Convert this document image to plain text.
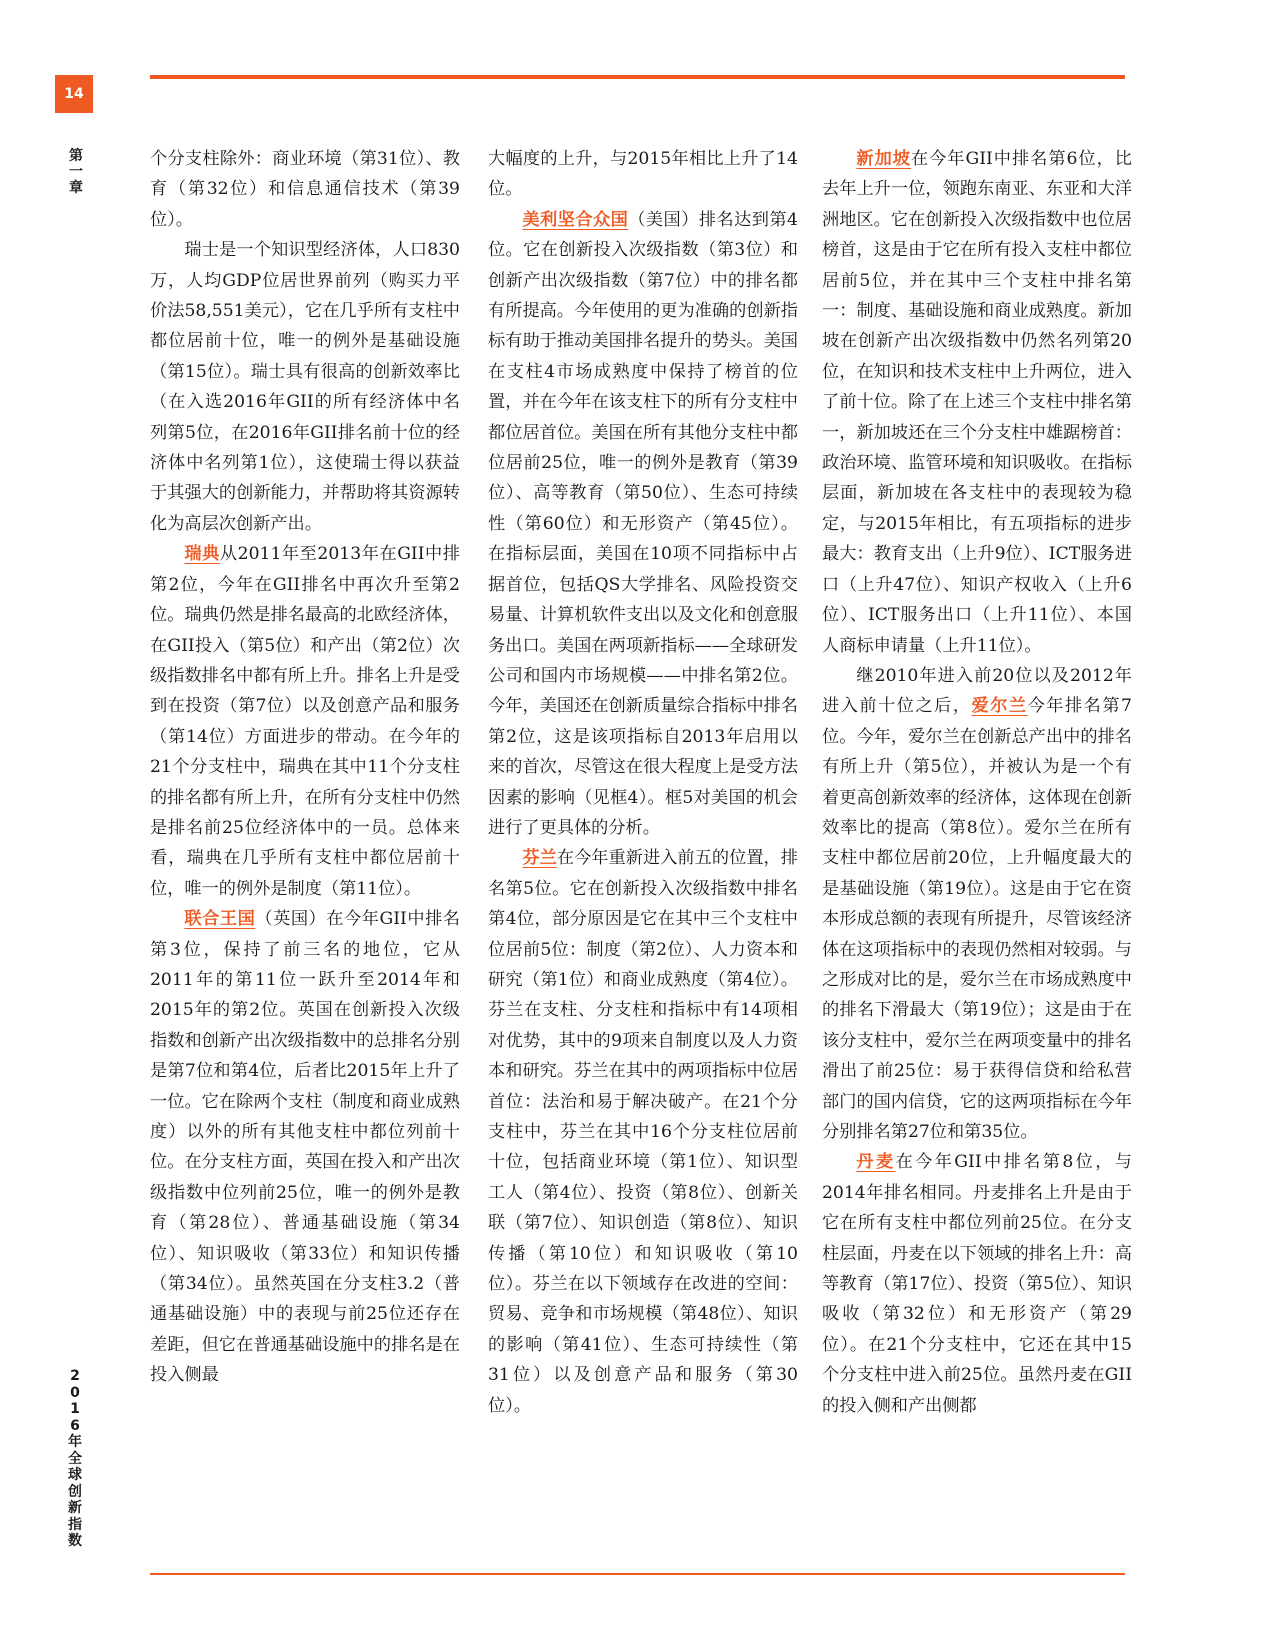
14
第一章
2016年全球创新指数

个分支柱除外：商业环境（第31位）、教育（第32位）和信息通信技术（第39位）。

瑞士是一个知识型经济体，人口830万，人均GDP位居世界前列（购买力平价法58,551美元），它在几乎所有支柱中都位居前十位，唯一的例外是基础设施（第15位）。瑞士具有很高的创新效率比（在入选2016年GII的所有经济体中名列第5位，在2016年GII排名前十位的经济体中名列第1位），这使瑞士得以获益于其强大的创新能力，并帮助将其资源转化为高层次创新产出。

瑞典从2011年至2013年在GII中排第2位，今年在GII排名中再次升至第2位。瑞典仍然是排名最高的北欧经济体，在GII投入（第5位）和产出（第2位）次级指数排名中都有所上升。排名上升是受到在投资（第7位）以及创意产品和服务（第14位）方面进步的带动。在今年的21个分支柱中，瑞典在其中11个分支柱的排名都有所上升，在所有分支柱中仍然是排名前25位经济体中的一员。总体来看，瑞典在几乎所有支柱中都位居前十位，唯一的例外是制度（第11位）。

联合王国（英国）在今年GII中排名第3位，保持了前三名的地位，它从2011年的第11位一跃升至2014年和2015年的第2位。英国在创新投入次级指数和创新产出次级指数中的总排名分别是第7位和第4位，后者比2015年上升了一位。它在除两个支柱（制度和商业成熟度）以外的所有其他支柱中都位列前十位。在分支柱方面，英国在投入和产出次级指数中位列前25位，唯一的例外是教育（第28位）、普通基础设施（第34位）、知识吸收（第33位）和知识传播（第34位）。虽然英国在分支柱3.2（普通基础设施）中的表现与前25位还存在差距，但它在普通基础设施中的排名是在投入侧最

大幅度的上升，与2015年相比上升了14位。

美利坚合众国（美国）排名达到第4位。它在创新投入次级指数（第3位）和创新产出次级指数（第7位）中的排名都有所提高。今年使用的更为准确的创新指标有助于推动美国排名提升的势头。美国在支柱4市场成熟度中保持了榜首的位置，并在今年在该支柱下的所有分支柱中都位居首位。美国在所有其他分支柱中都位居前25位，唯一的例外是教育（第39位）、高等教育（第50位）、生态可持续性（第60位）和无形资产（第45位）。在指标层面，美国在10项不同指标中占据首位，包括QS大学排名、风险投资交易量、计算机软件支出以及文化和创意服务出口。美国在两项新指标——全球研发公司和国内市场规模——中排名第2位。今年，美国还在创新质量综合指标中排名第2位，这是该项指标自2013年启用以来的首次，尽管这在很大程度上是受方法因素的影响（见框4）。框5对美国的机会进行了更具体的分析。

芬兰在今年重新进入前五的位置，排名第5位。它在创新投入次级指数中排名第4位，部分原因是它在其中三个支柱中位居前5位：制度（第2位）、人力资本和研究（第1位）和商业成熟度（第4位）。芬兰在支柱、分支柱和指标中有14项相对优势，其中的9项来自制度以及人力资本和研究。芬兰在其中的两项指标中位居首位：法治和易于解决破产。在21个分支柱中，芬兰在其中16个分支柱位居前十位，包括商业环境（第1位）、知识型工人（第4位）、投资（第8位）、创新关联（第7位）、知识创造（第8位）、知识传播（第10位）和知识吸收（第10位）。芬兰在以下领域存在改进的空间：贸易、竞争和市场规模（第48位）、知识的影响（第41位）、生态可持续性（第31位）以及创意产品和服务（第30位）。

新加坡在今年GII中排名第6位，比去年上升一位，领跑东南亚、东亚和大洋洲地区。它在创新投入次级指数中也位居榜首，这是由于它在所有投入支柱中都位居前5位，并在其中三个支柱中排名第一：制度、基础设施和商业成熟度。新加坡在创新产出次级指数中仍然名列第20位，在知识和技术支柱中上升两位，进入了前十位。除了在上述三个支柱中排名第一，新加坡还在三个分支柱中雄踞榜首：政治环境、监管环境和知识吸收。在指标层面，新加坡在各支柱中的表现较为稳定，与2015年相比，有五项指标的进步最大：教育支出（上升9位）、ICT服务进口（上升47位）、知识产权收入（上升6位）、ICT服务出口（上升11位）、本国人商标申请量（上升11位）。

继2010年进入前20位以及2012年进入前十位之后，爱尔兰今年排名第7位。今年，爱尔兰在创新总产出中的排名有所上升（第5位），并被认为是一个有着更高创新效率的经济体，这体现在创新效率比的提高（第8位）。爱尔兰在所有支柱中都位居前20位，上升幅度最大的是基础设施（第19位）。这是由于它在资本形成总额的表现有所提升，尽管该经济体在这项指标中的表现仍然相对较弱。与之形成对比的是，爱尔兰在市场成熟度中的排名下滑最大（第19位）；这是由于在该分支柱中，爱尔兰在两项变量中的排名滑出了前25位：易于获得信贷和给私营部门的国内信贷，它的这两项指标在今年分别排名第27位和第35位。

丹麦在今年GII中排名第8位，与2014年排名相同。丹麦排名上升是由于它在所有支柱中都位列前25位。在分支柱层面，丹麦在以下领域的排名上升：高等教育（第17位）、投资（第5位）、知识吸收（第32位）和无形资产（第29位）。在21个分支柱中，它还在其中15个分支柱中进入前25位。虽然丹麦在GII的投入侧和产出侧都
